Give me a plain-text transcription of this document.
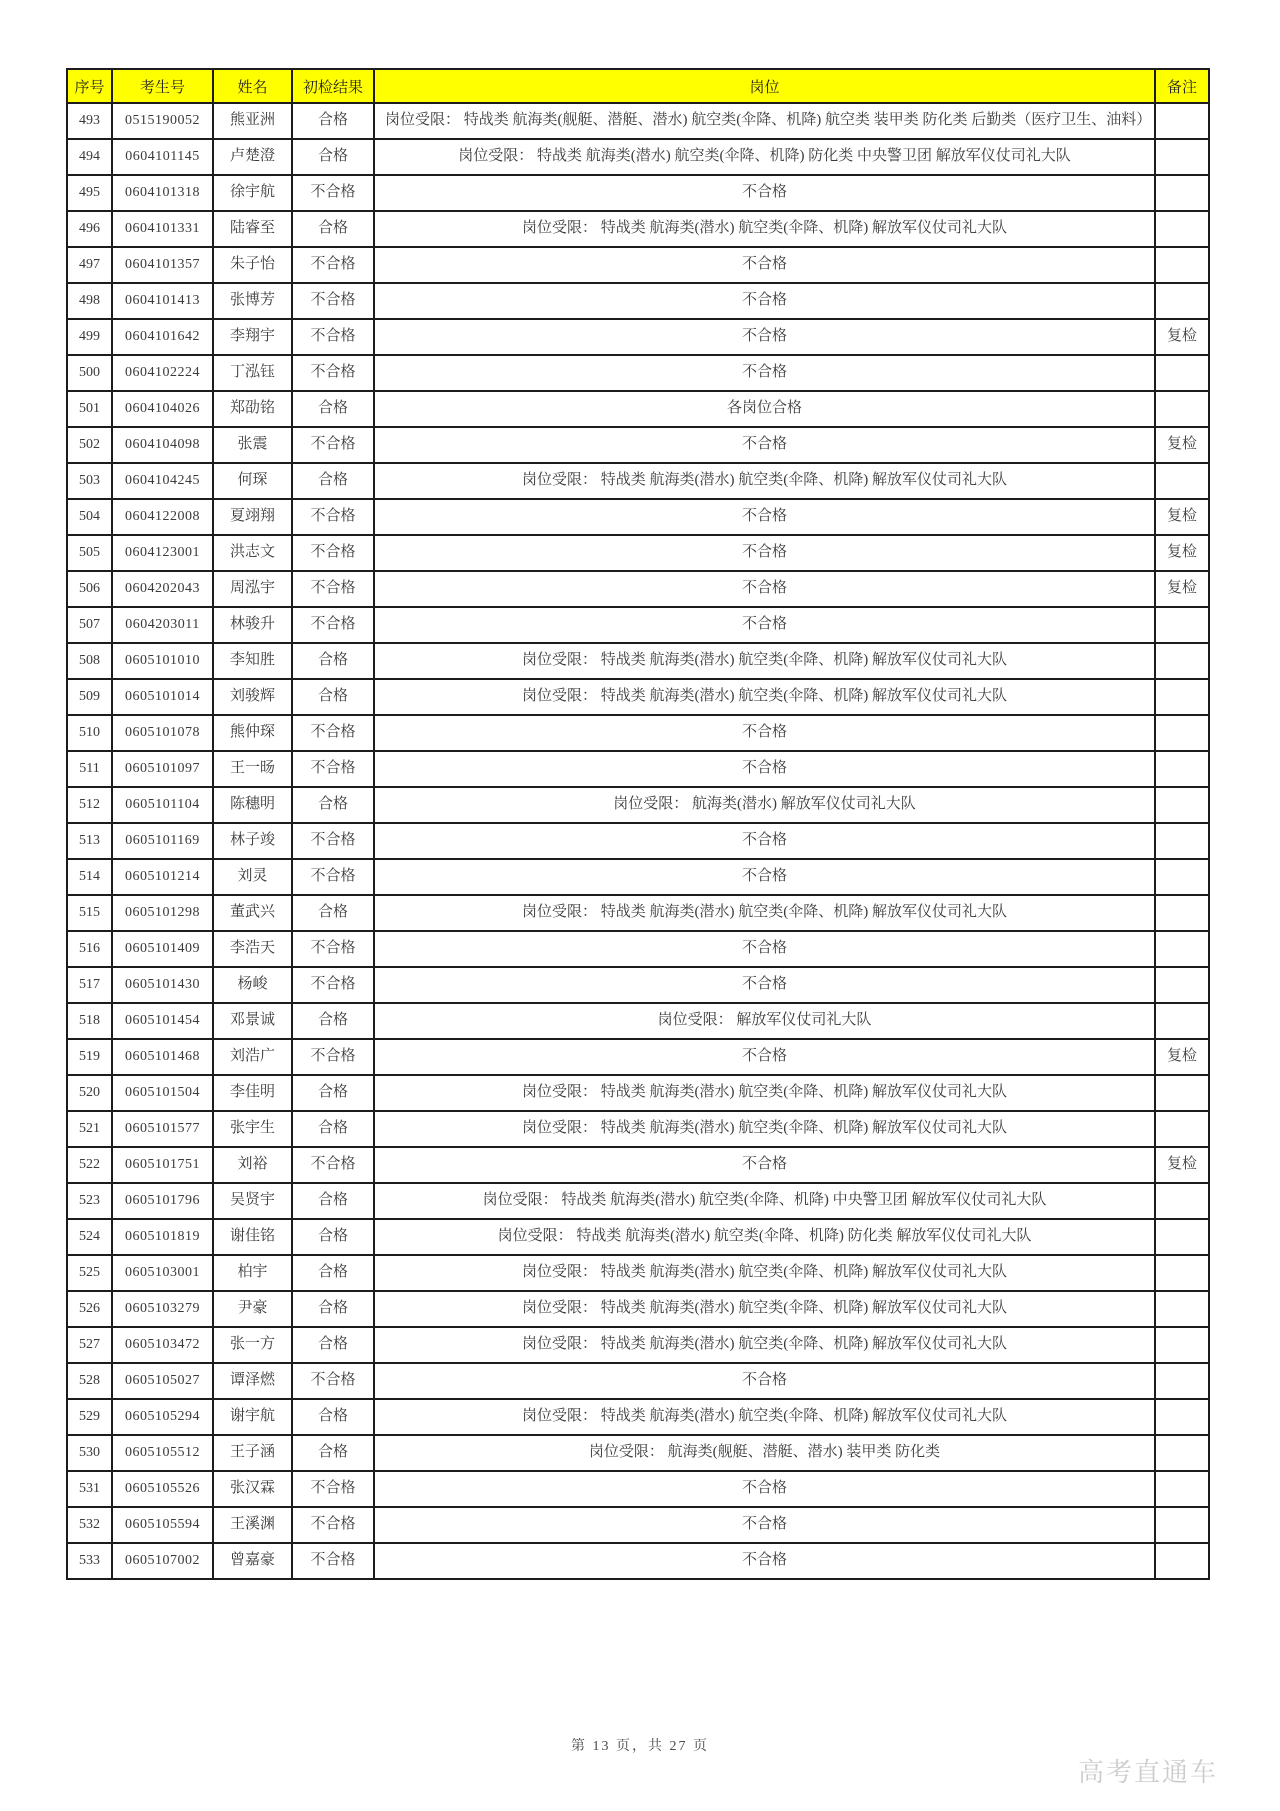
序号	考生号	姓名	初检结果	岗位	备注
493	0515190052	熊亚洲	合格	岗位受限： 特战类 航海类(舰艇、潜艇、潜水) 航空类(伞降、机降) 航空类 装甲类 防化类 后勤类（医疗卫生、油料）	
494	0604101145	卢楚澄	合格	岗位受限： 特战类 航海类(潜水) 航空类(伞降、机降) 防化类 中央警卫团 解放军仪仗司礼大队	
495	0604101318	徐宇航	不合格	不合格	
496	0604101331	陆睿至	合格	岗位受限： 特战类 航海类(潜水) 航空类(伞降、机降) 解放军仪仗司礼大队	
497	0604101357	朱子怡	不合格	不合格	
498	0604101413	张博芳	不合格	不合格	
499	0604101642	李翔宇	不合格	不合格	复检
500	0604102224	丁泓钰	不合格	不合格	
501	0604104026	郑劭铭	合格	各岗位合格	
502	0604104098	张震	不合格	不合格	复检
503	0604104245	何琛	合格	岗位受限： 特战类 航海类(潜水) 航空类(伞降、机降) 解放军仪仗司礼大队	
504	0604122008	夏翊翔	不合格	不合格	复检
505	0604123001	洪志文	不合格	不合格	复检
506	0604202043	周泓宇	不合格	不合格	复检
507	0604203011	林骏升	不合格	不合格	
508	0605101010	李知胜	合格	岗位受限： 特战类 航海类(潜水) 航空类(伞降、机降) 解放军仪仗司礼大队	
509	0605101014	刘骏辉	合格	岗位受限： 特战类 航海类(潜水) 航空类(伞降、机降) 解放军仪仗司礼大队	
510	0605101078	熊仲琛	不合格	不合格	
511	0605101097	王一旸	不合格	不合格	
512	0605101104	陈穗明	合格	岗位受限： 航海类(潜水) 解放军仪仗司礼大队	
513	0605101169	林子竣	不合格	不合格	
514	0605101214	刘灵	不合格	不合格	
515	0605101298	董武兴	合格	岗位受限： 特战类 航海类(潜水) 航空类(伞降、机降) 解放军仪仗司礼大队	
516	0605101409	李浩天	不合格	不合格	
517	0605101430	杨峻	不合格	不合格	
518	0605101454	邓景诚	合格	岗位受限： 解放军仪仗司礼大队	
519	0605101468	刘浩广	不合格	不合格	复检
520	0605101504	李佳明	合格	岗位受限： 特战类 航海类(潜水) 航空类(伞降、机降) 解放军仪仗司礼大队	
521	0605101577	张宇生	合格	岗位受限： 特战类 航海类(潜水) 航空类(伞降、机降) 解放军仪仗司礼大队	
522	0605101751	刘裕	不合格	不合格	复检
523	0605101796	吴贤宇	合格	岗位受限： 特战类 航海类(潜水) 航空类(伞降、机降) 中央警卫团 解放军仪仗司礼大队	
524	0605101819	谢佳铭	合格	岗位受限： 特战类 航海类(潜水) 航空类(伞降、机降) 防化类 解放军仪仗司礼大队	
525	0605103001	柏宇	合格	岗位受限： 特战类 航海类(潜水) 航空类(伞降、机降) 解放军仪仗司礼大队	
526	0605103279	尹豪	合格	岗位受限： 特战类 航海类(潜水) 航空类(伞降、机降) 解放军仪仗司礼大队	
527	0605103472	张一方	合格	岗位受限： 特战类 航海类(潜水) 航空类(伞降、机降) 解放军仪仗司礼大队	
528	0605105027	谭泽燃	不合格	不合格	
529	0605105294	谢宇航	合格	岗位受限： 特战类 航海类(潜水) 航空类(伞降、机降) 解放军仪仗司礼大队	
530	0605105512	王子涵	合格	岗位受限： 航海类(舰艇、潜艇、潜水) 装甲类 防化类	
531	0605105526	张汉霖	不合格	不合格	
532	0605105594	王溪渊	不合格	不合格	
533	0605107002	曾嘉豪	不合格	不合格	
第 13 页，共 27 页
高考直通车
